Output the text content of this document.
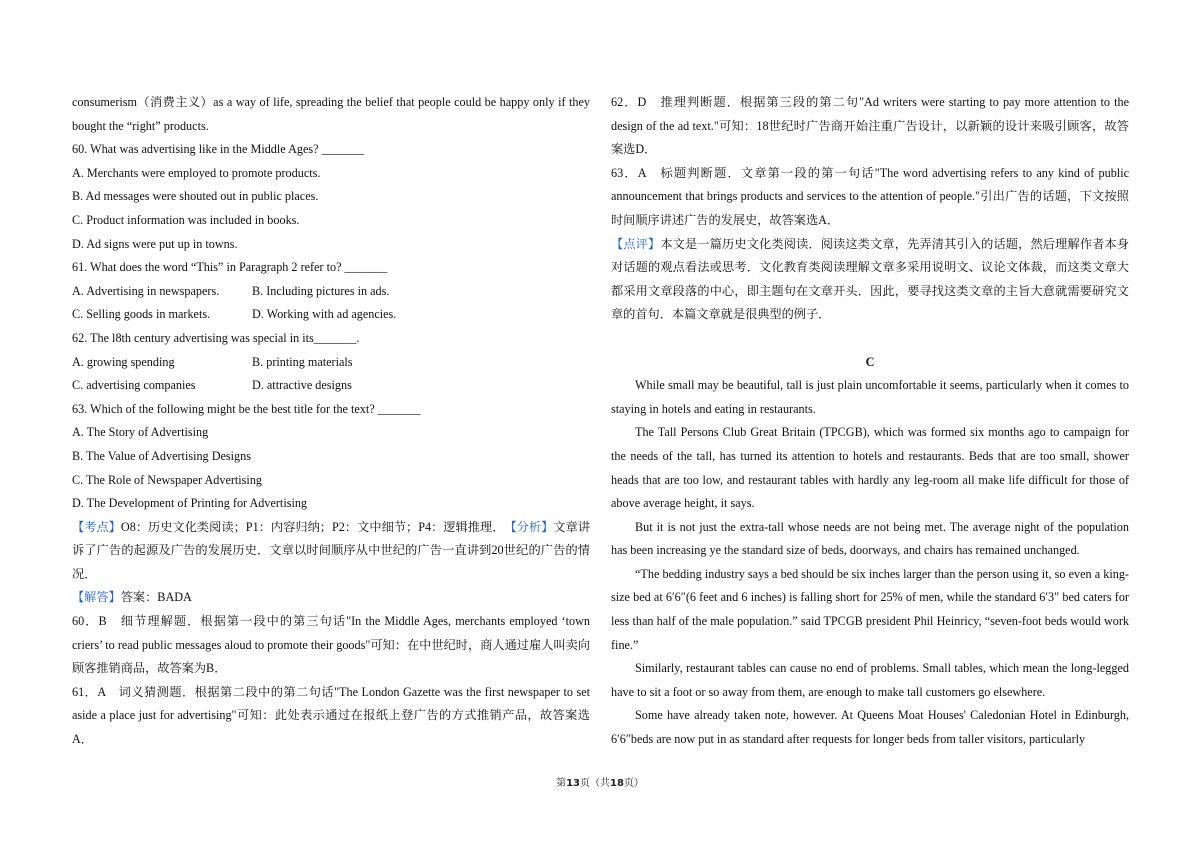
consumerism（消费主义）as a way of life, spreading the belief that people could be happy only if they bought the “right” products.

60. What was advertising like in the Middle Ages? _______

A. Merchants were employed to promote products.

B. Ad messages were shouted out in public places.

C. Product information was included in books.

D. Ad signs were put up in towns.

61. What does the word “This” in Paragraph 2 refer to? _______

A. Advertising in newspapers.	B. Including pictures in ads.
C. Selling goods in markets.	D. Working with ad agencies.

62. The l8th century advertising was special in its_______.

A. growing spending	B. printing materials
C. advertising companies	D. attractive designs

63. Which of the following might be the best title for the text? _______

A. The Story of Advertising

B. The Value of Advertising Designs

C. The Role of Newspaper Advertising

D. The Development of Printing for Advertising

【考点】O8：历史文化类阅读；P1：内容归纳；P2：文中细节；P4：逻辑推理．　 【分析】文章讲诉了广告的起源及广告的发展历史．文章以时间顺序从中世纪的广告一直讲到20世纪的广告的情况．

【解答】答案：BADA

60．B　细节理解题．根据第一段中的第三句话"In the Middle Ages, merchants employed ‘town criers’ to read public messages aloud to promote their goods"可知：在中世纪时，商人通过雇人叫卖向顾客推销商品，故答案为B．

61．A　词义猜测题．根据第二段中的第二句话"The London Gazette was the first newspaper to set aside a place just for advertising"可知：此处表示通过在报纸上登广告的方式推销产品，故答案选A．

62．D　推理判断题．根据第三段的第二句"Ad writers were starting to pay more attention to the design of the ad text."可知：18世纪时广告商开始注重广告设计，以新颖的设计来吸引顾客，故答案选D．

63．A　标题判断题．文章第一段的第一句话"The word advertising refers to any kind of public announcement that brings products and services to the attention of people."引出广告的话题，下文按照时间顺序讲述广告的发展史，故答案选A．

【点评】本文是一篇历史文化类阅读．阅读这类文章，先弄清其引入的话题，然后理解作者本身对话题的观点看法或思考．文化教育类阅读理解文章多采用说明文、议论文体裁，而这类文章大都采用文章段落的中心，即主题句在文章开头．因此，要寻找这类文章的主旨大意就需要研究文章的首句．本篇文章就是很典型的例子．

C

While small may be beautiful, tall is just plain uncomfortable it seems, particularly when it comes to staying in hotels and eating in restaurants.

The Tall Persons Club Great Britain (TPCGB), which was formed six months ago to campaign for the needs of the tall, has turned its attention to hotels and restaurants. Beds that are too small, shower heads that are too low, and restaurant tables with hardly any leg-room all make life difficult for those of above average height, it says.

But it is not just the extra-tall whose needs are not being met. The average night of the population has been increasing ye the standard size of beds, doorways, and chairs has remained unchanged.

“The bedding industry says a bed should be six inches larger than the person using it, so even a king-size bed at 6′6″(6 feet and 6 inches) is falling short for 25% of men, while the standard 6′3″ bed caters for less than half of the male population.” said TPCGB president Phil Heinricy, “seven-foot beds would work fine.”

Similarly, restaurant tables can cause no end of problems. Small tables, which mean the long-legged have to sit a foot or so away from them, are enough to make tall customers go elsewhere.

Some have already taken note, however. At Queens Moat Houses' Caledonian Hotel in Edinburgh, 6′6″beds are now put in as standard after requests for longer beds from taller visitors, particularly

第13页（共18页）
